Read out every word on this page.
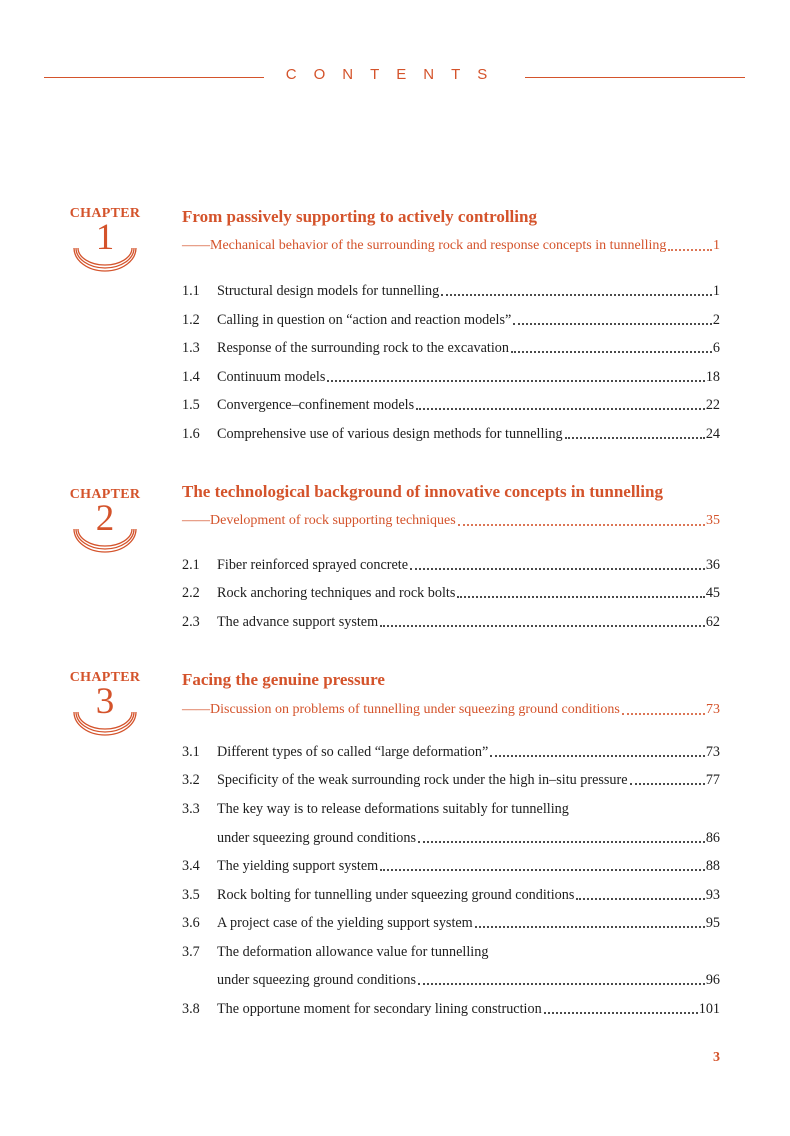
CONTENTS
CHAPTER
1
From passively supporting to actively controlling
—— Mechanical behavior of the surrounding rock and response concepts in tunnelling	1
1.1	Structural design models for tunnelling	1
1.2	Calling in question on “action and reaction models”	2
1.3	Response of the surrounding rock to the excavation	6
1.4	Continuum models	18
1.5	Convergence–confinement models	22
1.6	Comprehensive use of various design methods for tunnelling	24
CHAPTER
2
The technological background of innovative concepts in tunnelling
—— Development of rock supporting techniques	35
2.1	Fiber reinforced sprayed concrete	36
2.2	Rock anchoring techniques and rock bolts	45
2.3	The advance support system	62
CHAPTER
3
Facing the genuine pressure
—— Discussion on problems of tunnelling under squeezing ground conditions	73
3.1	Different types of so called “large deformation”	73
3.2	Specificity of the weak surrounding rock under the high in–situ pressure	77
3.3	The key way is to release deformations suitably for tunnelling
under squeezing ground conditions	86
3.4	The yielding support system	88
3.5	Rock bolting for tunnelling under squeezing ground conditions	93
3.6	A project case of the yielding support system	95
3.7	The deformation allowance value for tunnelling
under squeezing ground conditions	96
3.8	The opportune moment for secondary lining construction	101
3
